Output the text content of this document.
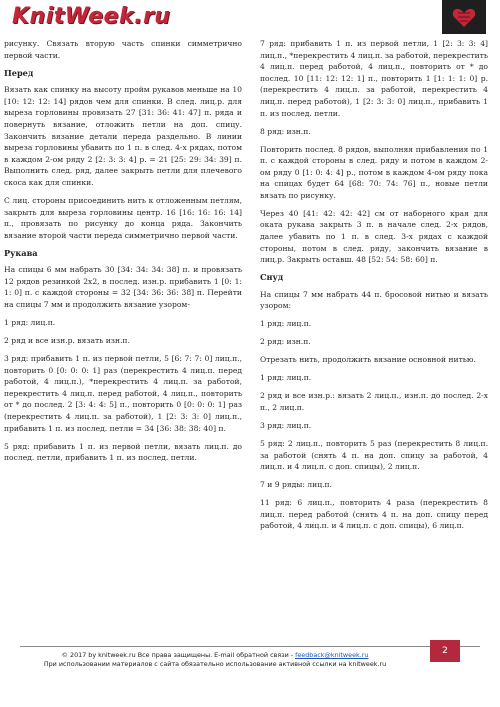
KnitWeek.ru

рисунку. Связать вторую часть спинки симметрично первой части.

Перед

Вязать как спинку на высоту пройм рукавов меньше на 10 [10: 12: 12: 14] рядов чем для спинки. В след. лиц.р. для выреза горловины провязать 27 [31: 36: 41: 47] п. ряда и повернуть вязание, отложить петли на доп. спицу. Закончить вязание детали переда раздельно. В линии выреза горловины убавить по 1 п. в след. 4-х рядах, потом в каждом 2-ом ряду 2 [2: 3: 3: 4] р. = 21 [25: 29: 34: 39] п. Выполнить след. ряд, далее закрыть петли для плечевого скоса как для спинки.

С лиц. стороны присоединить нить к отложенным петлям, закрыть для выреза горловины центр. 16 [16: 16: 16: 14] п., провязать по рисунку до конца ряда. Закончить вязание второй части переда симметрично первой части.

Рукава

На спицы 6 мм набрать 30 [34: 34: 34: 38] п. и провязать 12 рядов резинкой 2х2, в послед. изн.р. прибавить 1 [0: 1: 1: 0] п. с каждой стороны = 32 [34: 36: 36: 38] п. Перейти на спицы 7 мм и продолжить вязание узором-

1 ряд: лиц.п.

2 ряд и все изн.р. вязать изн.п.

3 ряд: прибавить 1 п. из первой петли, 5 [6: 7: 7: 0] лиц.п., повторить 0 [0: 0: 0: 1] раз (перекрестить 4 лиц.п. перед работой, 4 лиц.п.), *перекрестить 4 лиц.п. за работой, перекрестить 4 лиц.п. перед работой, 4 лиц.п., повторить от * до послед. 2 [3: 4: 4: 5] п., повторить 0 [0: 0: 0: 1] раз (перекрестить 4 лиц.п. за работой), 1 [2: 3: 3: 0] лиц.п., прибавить 1 п. из послед. петли = 34 [36: 38: 38: 40] п.

5 ряд: прибавить 1 п. из первой петли, вязать лиц.п. до послед. петли, прибавить 1 п. из послед. петли.

7 ряд: прибавить 1 п. из первой петли, 1 [2: 3: 3: 4] лиц.п., *перекрестить 4 лиц.п. за работой, перекрестить 4 лиц.п. перед работой, 4 лиц.п., повторить от * до послед. 10 [11: 12: 12: 1] п., повторить 1 [1: 1: 1: 0] р. (перекрестить 4 лиц.п. за работой, перекрестить 4 лиц.п. перед работой), 1 [2: 3: 3: 0] лиц.п., прибавить 1 п. из послед. петли.

8 ряд: изн.п.

Повторить послед. 8 рядов, выполняя прибавления по 1 п. с каждой стороны в след. ряду и потом в каждом 2-ом ряду 0 [1: 0: 4: 4] р., потом в каждом 4-ом ряду пока на спицах будет 64 [68: 70: 74: 76] п., новые петли вязать по рисунку.

Через 40 [41: 42: 42: 42] см от наборного края для оката рукава закрыть 3 п. в начале след. 2-х рядов, далее убавить по 1 п. в след. 3-х рядах с каждой стороны, потом в след. ряду, закончить вязание в лиц.р. Закрыть оставш. 48 [52: 54: 58: 60] п.

Снуд

На спицы 7 мм набрать 44 п. бросовой нитью и вязать узором:

1 ряд: лиц.п.

2 ряд: изн.п.

Отрезать нить, продолжить вязание основной нитью.

1 ряд: лиц.п.

2 ряд и все изн.р.: вязать 2 лиц.п., изн.п. до послед. 2-х п., 2 лиц.п.

3 ряд: лиц.п.

5 ряд: 2 лиц.п., повторить 5 раз (перекрестить 8 лиц.п. за работой (снять 4 п. на доп. спицу за работой, 4 лиц.п. и 4 лиц.п. с доп. спицы), 2 лиц.п.

7 и 9 ряды: лиц.п.

11 ряд: 6 лиц.п., повторить 4 раза (перекрестить 8 лиц.п. перед работой (снять 4 п. на доп. спицу перед работой, 4 лиц.п. и 4 лиц.п. с доп. спицы), 6 лиц.п.

© 2017 by knitweek.ru Все права защищены. E-mail обратной связи - feedback@knitweek.ru
При использовании материалов с сайта обязательно использование активной ссылки на knitweek.ru
2
